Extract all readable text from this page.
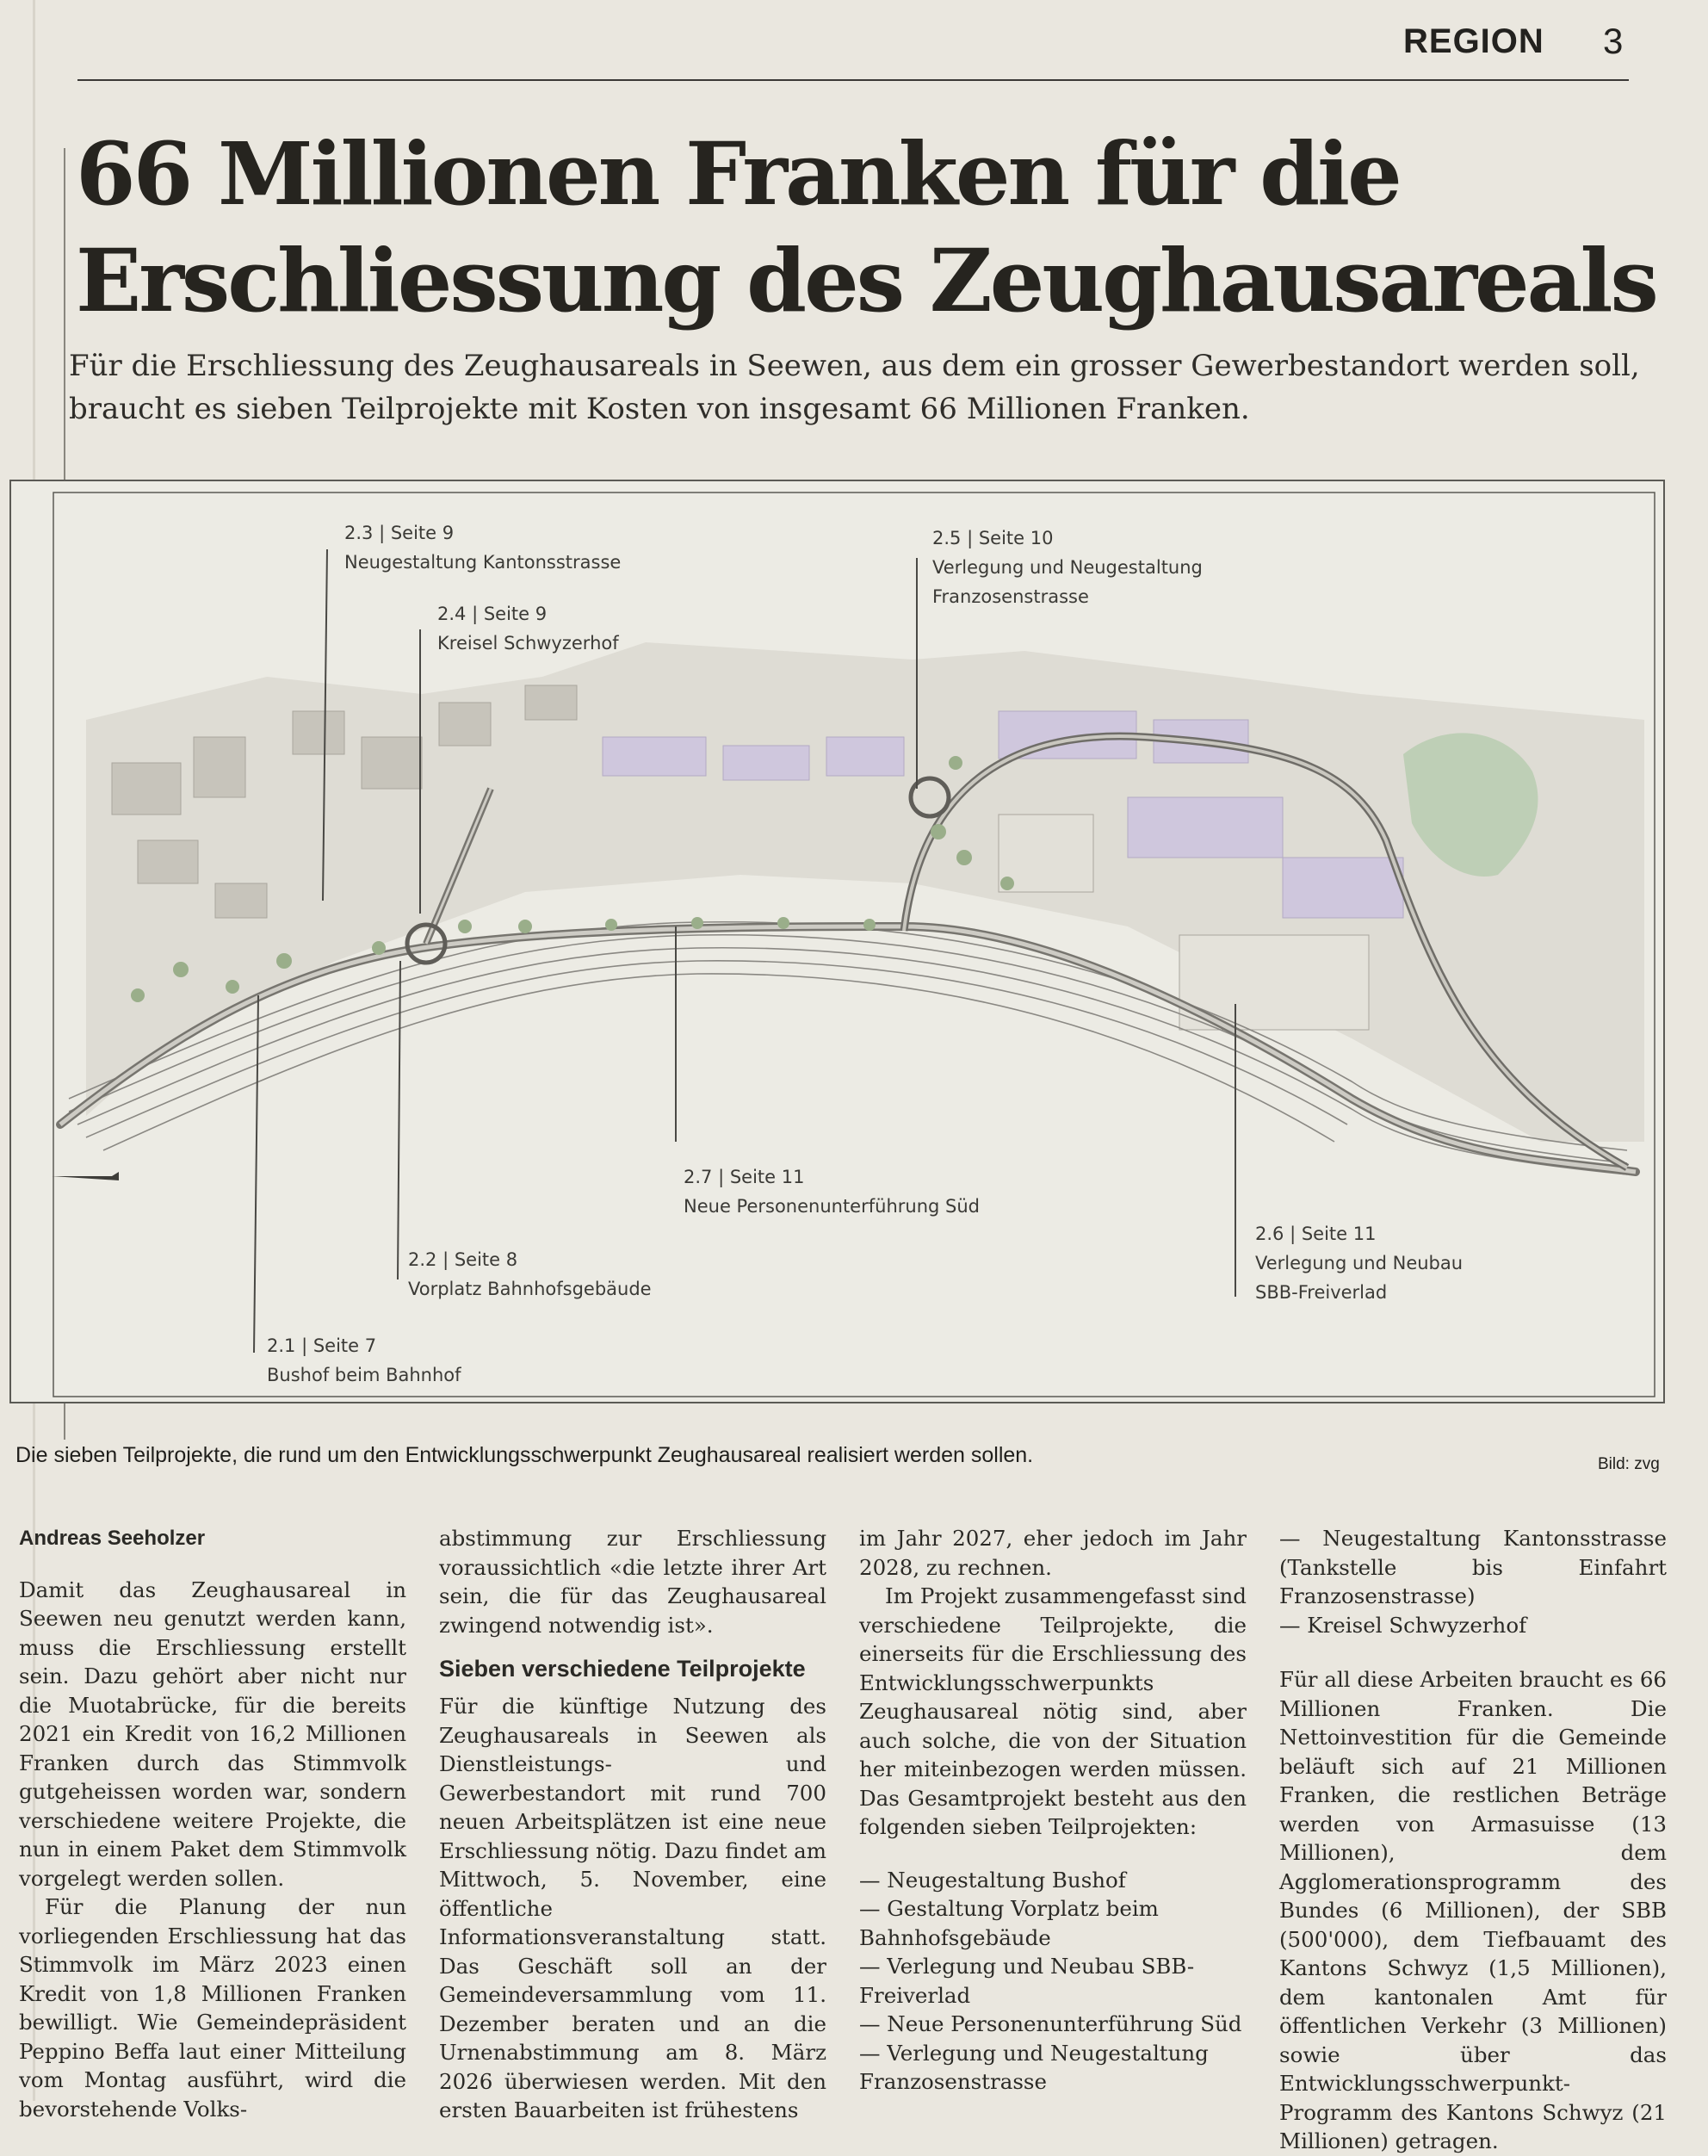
REGION 3
66 Millionen Franken für die
Erschliessung des Zeughausareals

Für die Erschliessung des Zeughausareals in Seewen, aus dem ein grosser Gewerbestandort werden soll, braucht es sieben Teilprojekte mit Kosten von insgesamt 66 Millionen Franken.

2.3 | Seite 9
Neugestaltung Kantonsstrasse
2.4 | Seite 9
Kreisel Schwyzerhof
2.5 | Seite 10
Verlegung und Neugestaltung
Franzosenstrasse
2.7 | Seite 11
Neue Personenunterführung Süd
2.6 | Seite 11
Verlegung und Neubau
SBB-Freiverlad
2.2 | Seite 8
Vorplatz Bahnhofsgebäude
2.1 | Seite 7
Bushof beim Bahnhof
Die sieben Teilprojekte, die rund um den Entwicklungsschwerpunkt Zeughausareal realisiert werden sollen.	Bild: zvg

Andreas Seeholzer

Damit das Zeughausareal in Seewen neu genutzt werden kann, muss die Erschliessung erstellt sein. Dazu gehört aber nicht nur die Muotabrücke, für die bereits 2021 ein Kredit von 16,2 Millionen Franken durch das Stimmvolk gutgeheissen worden war, sondern verschiedene weitere Projekte, die nun in einem Paket dem Stimmvolk vorgelegt werden sollen.

Für die Planung der nun vorliegenden Erschliessung hat das Stimmvolk im März 2023 einen Kredit von 1,8 Millionen Franken bewilligt. Wie Gemeindepräsident Peppino Beffa laut einer Mitteilung vom Montag ausführt, wird die bevorstehende Volks-

abstimmung zur Erschliessung voraussichtlich «die letzte ihrer Art sein, die für das Zeughausareal zwingend notwendig ist».

Sieben verschiedene Teilprojekte

Für die künftige Nutzung des Zeughausareals in Seewen als Dienstleistungs- und Gewerbestandort mit rund 700 neuen Arbeitsplätzen ist eine neue Erschliessung nötig. Dazu findet am Mittwoch, 5. November, eine öffentliche Informationsveranstaltung statt. Das Geschäft soll an der Gemeindeversammlung vom 11. Dezember beraten und an die Urnenabstimmung am 8. März 2026 überwiesen werden. Mit den ersten Bauarbeiten ist frühestens

im Jahr 2027, eher jedoch im Jahr 2028, zu rechnen.

Im Projekt zusammengefasst sind verschiedene Teilprojekte, die einerseits für die Erschliessung des Entwicklungsschwerpunkts Zeughausareal nötig sind, aber auch solche, die von der Situation her miteinbezogen werden müssen. Das Gesamtprojekt besteht aus den folgenden sieben Teilprojekten:

— Neugestaltung Bushof

— Gestaltung Vorplatz beim Bahnhofsgebäude

— Verlegung und Neubau SBB-Freiverlad

— Neue Personenunterführung Süd

— Verlegung und Neugestaltung Franzosenstrasse

— Neugestaltung Kantonsstrasse (Tankstelle bis Einfahrt Franzosenstrasse)

— Kreisel Schwyzerhof

Für all diese Arbeiten braucht es 66 Millionen Franken. Die Nettoinvestition für die Gemeinde beläuft sich auf 21 Millionen Franken, die restlichen Beträge werden von Armasuisse (13 Millionen), dem Agglomerationsprogramm des Bundes (6 Millionen), der SBB (500'000), dem Tiefbauamt des Kantons Schwyz (1,5 Millionen), dem kantonalen Amt für öffentlichen Verkehr (3 Millionen) sowie über das Entwicklungsschwerpunkt-Programm des Kantons Schwyz (21 Millionen) getragen.
